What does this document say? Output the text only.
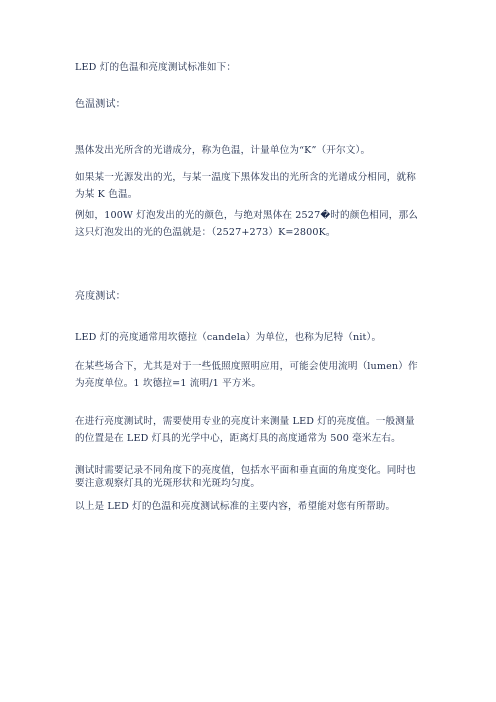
LED 灯的色温和亮度测试标准如下：

色温测试：

黑体发出光所含的光谱成分，称为色温，计量单位为“K”（开尔文）。

如果某一光源发出的光，与某一温度下黑体发出的光所含的光谱成分相同，就称为某 K 色温。

例如，100W 灯泡发出的光的颜色，与绝对黑体在 2527�时的颜色相同，那么这只灯泡发出的光的色温就是：（2527+273）K=2800K。

亮度测试：

LED 灯的亮度通常用坎德拉（candela）为单位，也称为尼特（nit）。

在某些场合下，尤其是对于一些低照度照明应用，可能会使用流明（lumen）作为亮度单位。1 坎德拉=1 流明/1 平方米。

在进行亮度测试时，需要使用专业的亮度计来测量 LED 灯的亮度值。一般测量的位置是在 LED 灯具的光学中心，距离灯具的高度通常为 500 毫米左右。

测试时需要记录不同角度下的亮度值，包括水平面和垂直面的角度变化。同时也要注意观察灯具的光斑形状和光斑均匀度。

以上是 LED 灯的色温和亮度测试标准的主要内容，希望能对您有所帮助。
